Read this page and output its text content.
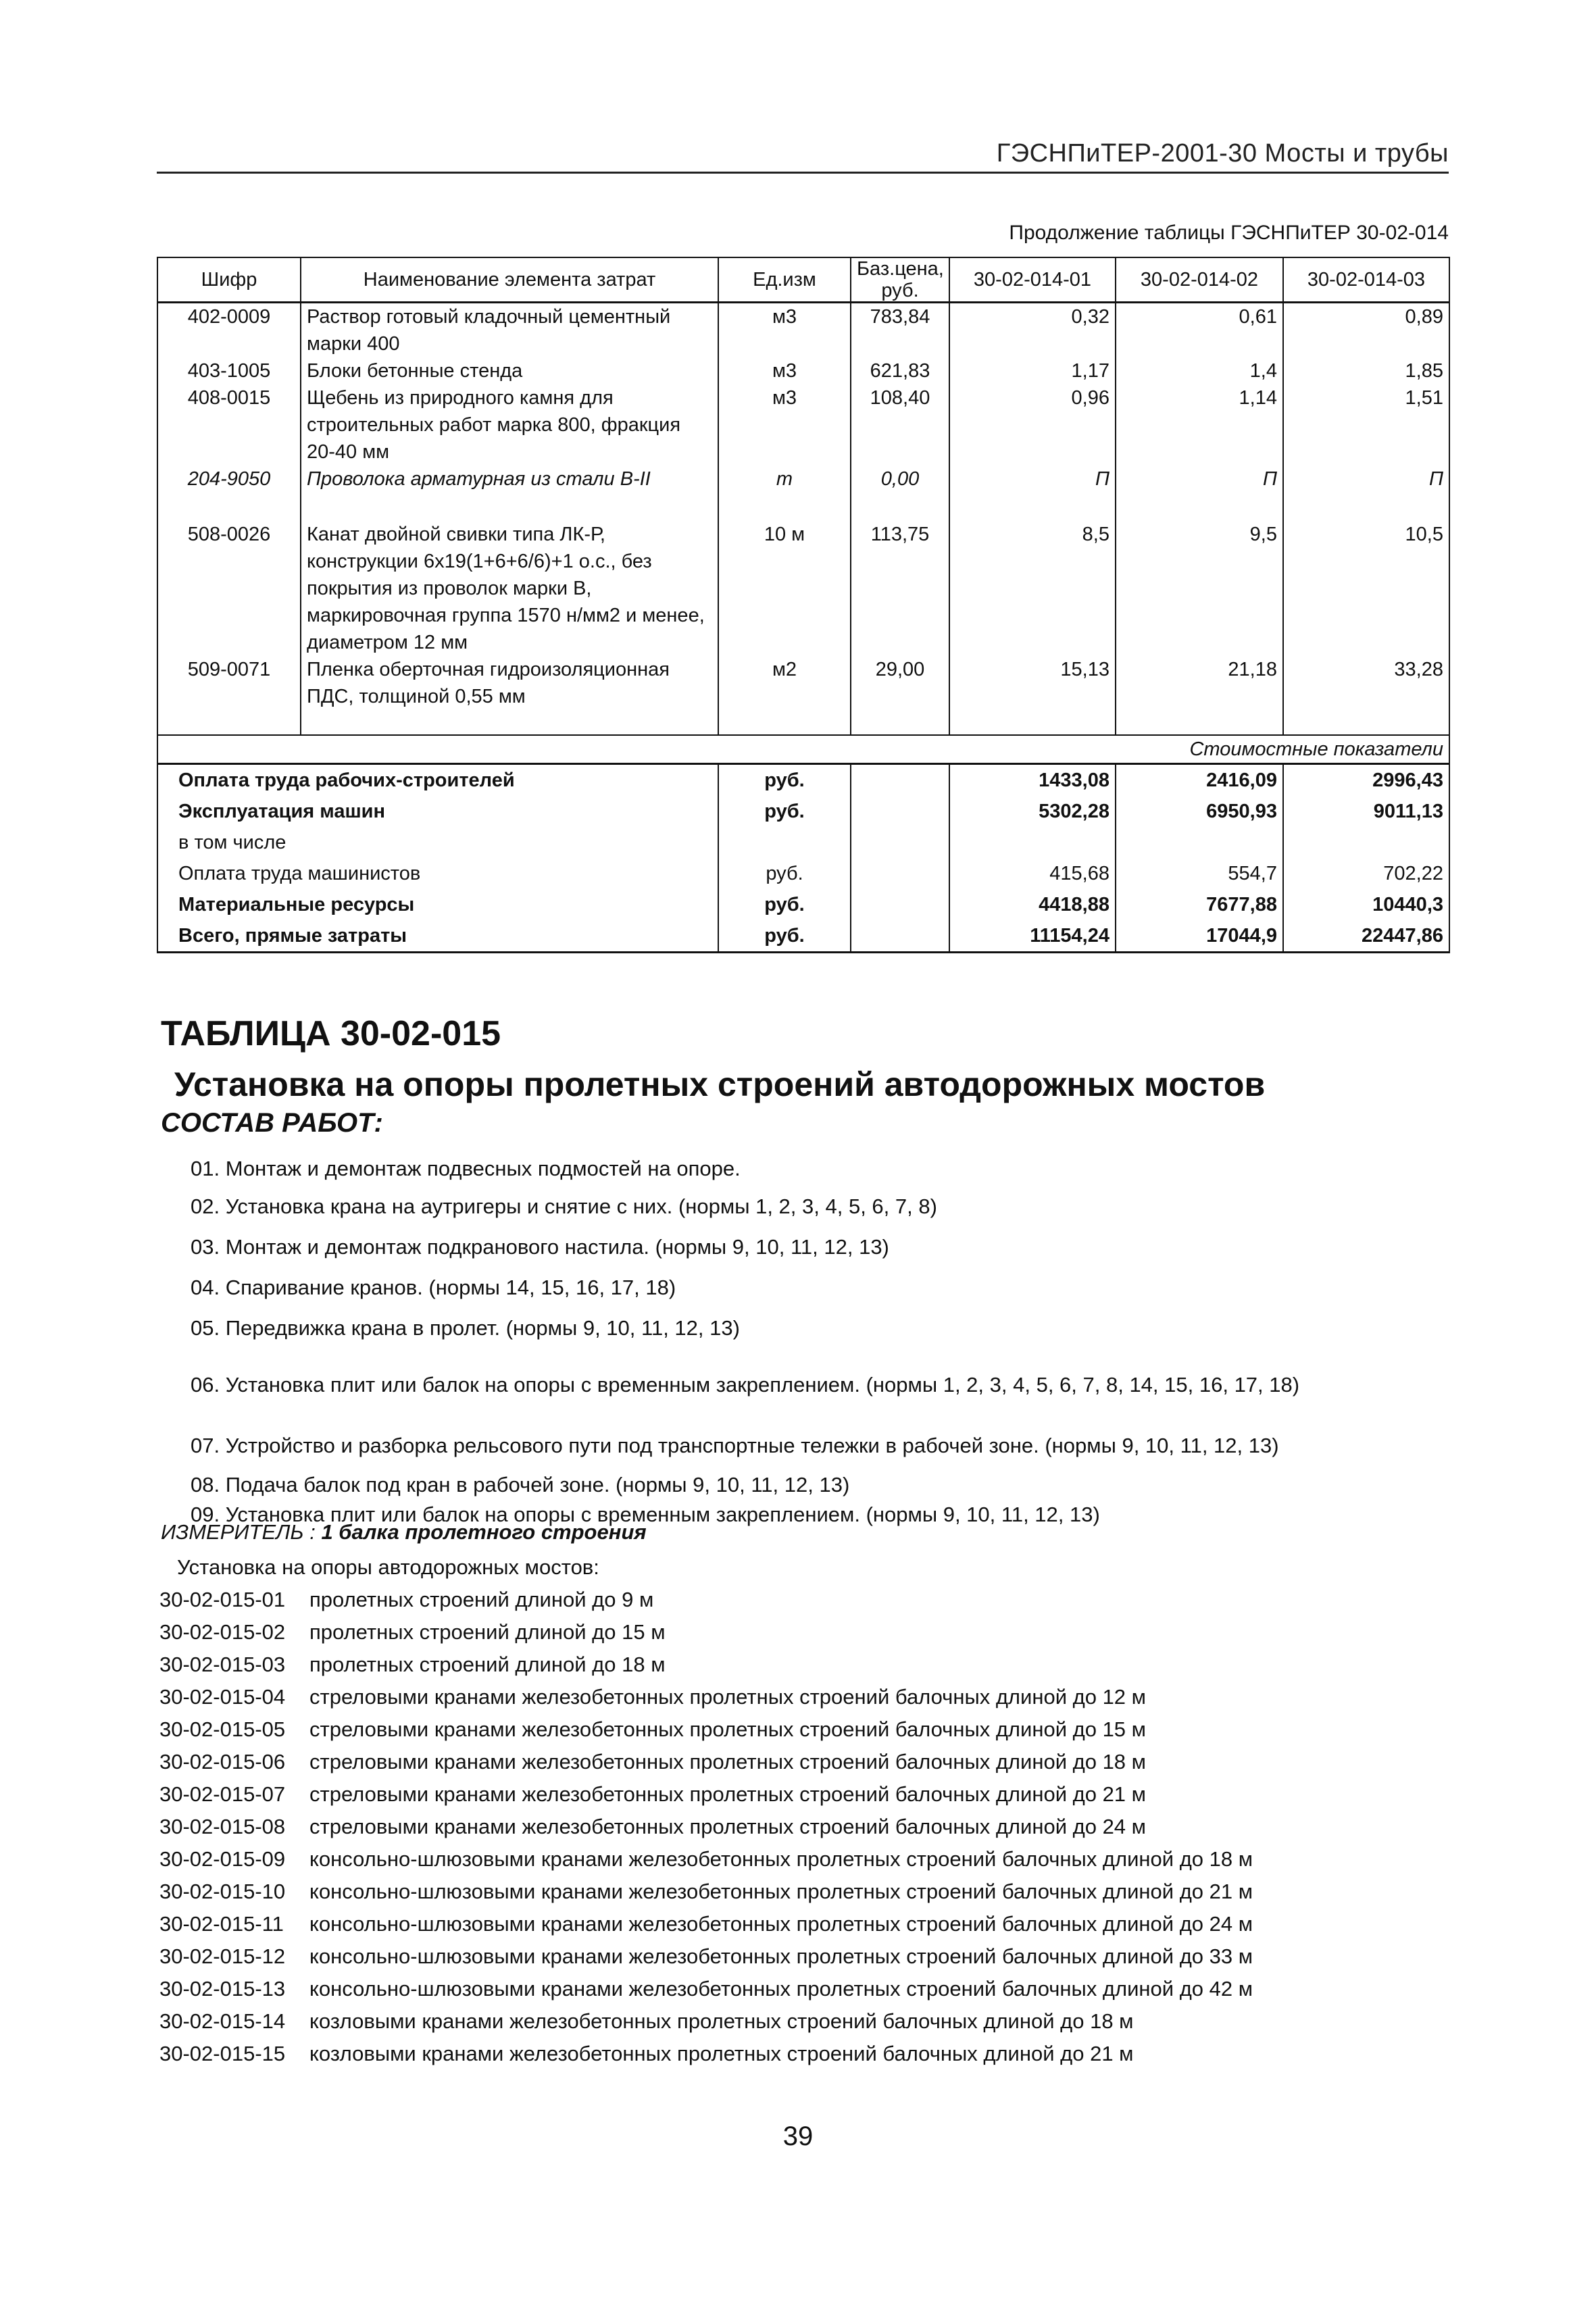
ГЭСНПиТЕР-2001-30 Мосты и трубы
Продолжение таблицы ГЭСНПиТЕР 30-02-014
Шифр	Наименование элемента затрат	Ед.изм	Баз.цена, руб.	30-02-014-01	30-02-014-02	30-02-014-03
402-0009	Раствор готовый кладочный цементный марки 400	м3	783,84	0,32	0,61	0,89
403-1005	Блоки бетонные стенда	м3	621,83	1,17	1,4	1,85
408-0015	Щебень из природного камня для строительных работ марка 800, фракция 20-40 мм	м3	108,40	0,96	1,14	1,51
204-9050	Проволока арматурная из стали В-II	т	0,00	П	П	П
508-0026	Канат двойной свивки типа ЛК-Р, конструкции 6х19(1+6+6/6)+1 о.с., без покрытия из проволок марки В, маркировочная группа 1570 н/мм2 и менее, диаметром 12 мм	10 м	113,75	8,5	9,5	10,5
509-0071	Пленка оберточная гидроизоляционная ПДС, толщиной 0,55 мм	м2	29,00	15,13	21,18	33,28
Стоимостные показатели						
Оплата труда рабочих-строителей		руб.		1433,08	2416,09	2996,43
Эксплуатация машин		руб.		5302,28	6950,93	9011,13
в том числе						
Оплата труда машинистов		руб.		415,68	554,7	702,22
Материальные ресурсы		руб.		4418,88	7677,88	10440,3
Всего, прямые затраты		руб.		11154,24	17044,9	22447,86
ТАБЛИЦА 30-02-015
Установка на опоры пролетных строений автодорожных мостов
СОСТАВ РАБОТ:
01. Монтаж и демонтаж подвесных подмостей на опоре.
02. Установка крана на аутригеры и снятие с них. (нормы 1, 2, 3, 4, 5, 6, 7, 8)
03. Монтаж и демонтаж подкранового настила. (нормы 9, 10, 11, 12, 13)
04. Спаривание кранов. (нормы 14, 15, 16, 17, 18)
05. Передвижка крана в пролет. (нормы 9, 10, 11, 12, 13)
06. Установка плит или балок на опоры с временным закреплением. (нормы 1, 2, 3, 4, 5, 6, 7, 8, 14, 15, 16, 17, 18)
07. Устройство и разборка рельсового пути под транспортные тележки в рабочей зоне. (нормы 9, 10, 11, 12, 13)
08. Подача балок под кран в рабочей зоне. (нормы 9, 10, 11, 12, 13)
09. Установка плит или балок на опоры с временным закреплением. (нормы 9, 10, 11, 12, 13)
ИЗМЕРИТЕЛЬ : 1 балка пролетного строения
Установка на опоры автодорожных мостов:
30-02-015-01 пролетных строений длиной до 9 м
30-02-015-02 пролетных строений длиной до 15 м
30-02-015-03 пролетных строений длиной до 18 м
30-02-015-04 стреловыми кранами железобетонных пролетных строений балочных длиной до 12 м
30-02-015-05 стреловыми кранами железобетонных пролетных строений балочных длиной до 15 м
30-02-015-06 стреловыми кранами железобетонных пролетных строений балочных длиной до 18 м
30-02-015-07 стреловыми кранами железобетонных пролетных строений балочных длиной до 21 м
30-02-015-08 стреловыми кранами железобетонных пролетных строений балочных длиной до 24 м
30-02-015-09 консольно-шлюзовыми кранами железобетонных пролетных строений балочных длиной до 18 м
30-02-015-10 консольно-шлюзовыми кранами железобетонных пролетных строений балочных длиной до 21 м
30-02-015-11 консольно-шлюзовыми кранами железобетонных пролетных строений балочных длиной до 24 м
30-02-015-12 консольно-шлюзовыми кранами железобетонных пролетных строений балочных длиной до 33 м
30-02-015-13 консольно-шлюзовыми кранами железобетонных пролетных строений балочных длиной до 42 м
30-02-015-14 козловыми кранами железобетонных пролетных строений балочных длиной до 18 м
30-02-015-15 козловыми кранами железобетонных пролетных строений балочных длиной до 21 м
39
